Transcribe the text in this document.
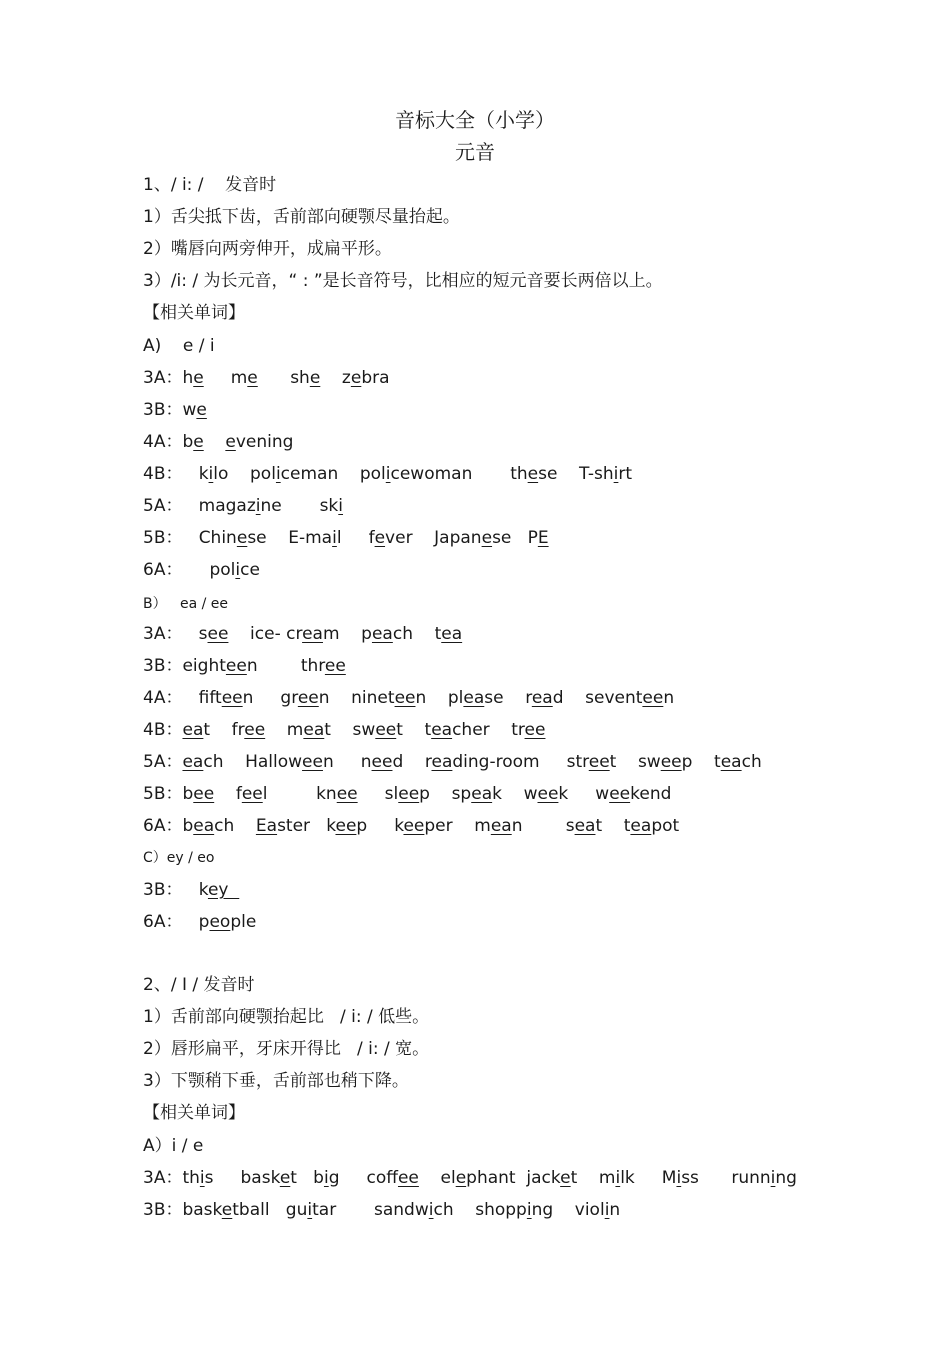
音标大全（小学）
元音
1、/ i: /    发音时
1）舌尖抵下齿，舌前部向硬颚尽量抬起。
2）嘴唇向两旁伸开，成扁平形。
3）/i: / 为长元音，“ : ”是长音符号，比相应的短元音要长两倍以上。
【相关单词】
A)    e / i
3A：he     me      she    zebra
3B：we
4A：be evening
4B：   kilo    policeman    policewoman       these    T-shirt
5A：   magazine       ski
5B：   Chinese    E-mail     fever    Japanese   PE
6A：     police
B）   ea / ee
3A：   see    ice- cream    peach    tea
3B：eighteen        three
4A：   fifteen     green    nineteen    please    read    seventeen
4B：eat    free    meat    sweet    teacher    tree
5A：each    Halloween     need    reading-room     street    sweep    teach
5B：bee    feel         knee     sleep    speak    week     weekend
6A：beach    Easter   keep     keeper    mean        seat    teapot
C）ey / eo
3B：   key
6A：   people
2、/ I / 发音时
1）舌前部向硬颚抬起比   / i: / 低些。
2）唇形扁平，牙床开得比   / i: / 宽。
3）下颚稍下垂，舌前部也稍下降。
【相关单词】
A）i / e
3A：this     basket   big     coffee    elephant  jacket    milk     Miss      running
3B：basketball   guitar       sandwich    shopping    violin
